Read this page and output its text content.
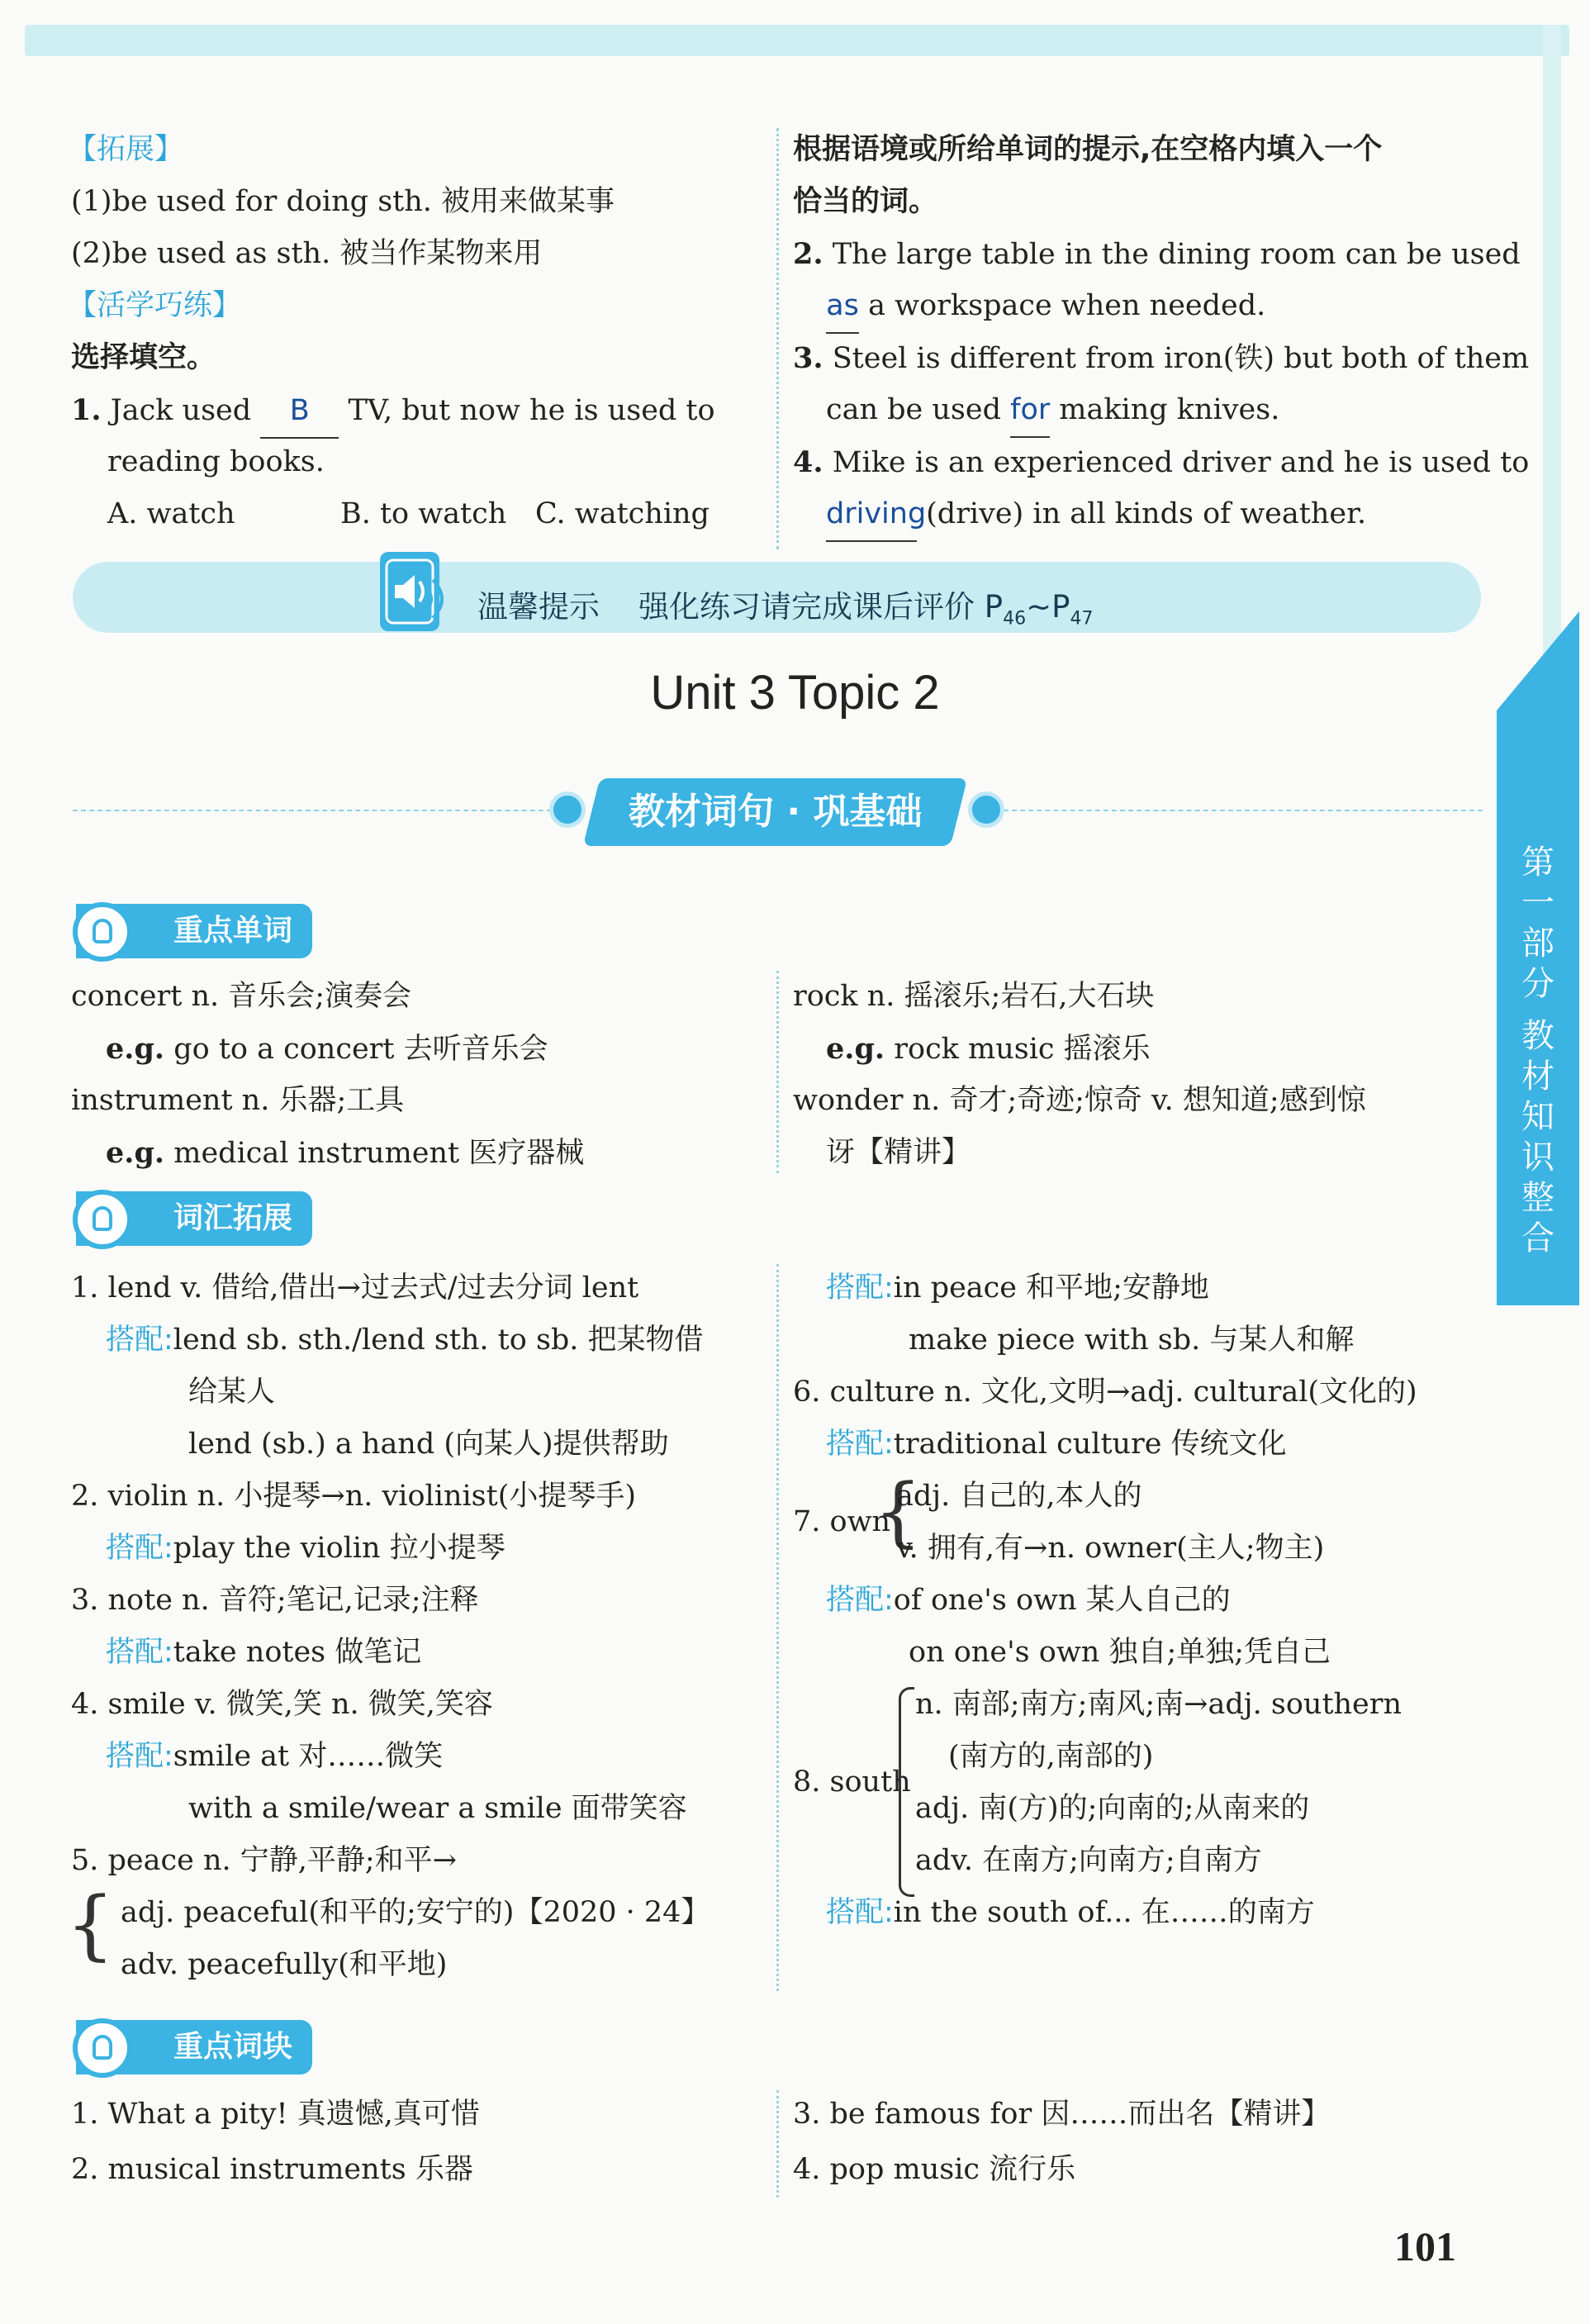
【拓展】
(1)be used for doing sth. 被用来做某事
(2)be used as sth. 被当作某物来用
【活学巧练】
选择填空。
1. Jack used B TV, but now he is used to
reading books.
A. watch	B. to watch C. watching
根据语境或所给单词的提示,在空格内填入一个
恰当的词。
2. The large table in the dining room can be used
as a workspace when needed.
3. Steel is different from iron(铁) but both of them
can be used for making knives.
4. Mike is an experienced driver and he is used to
driving (drive) in all kinds of weather.
温馨提示 强化练习请完成课后评价 $P_{46}\sim P_{47}$
Unit 3 Topic 2
教材词句 · 巩基础
第
一
部
分
教
材
知
识
整
合
重点单词
concert n. 音乐会;演奏会
e.g. go to a concert 去听音乐会
instrument n. 乐器;工具
e.g. medical instrument 医疗器械
rock n. 摇滚乐;岩石,大石块
e.g. rock music 摇滚乐
wonder n. 奇才;奇迹;惊奇 v. 想知道;感到惊
讶【精讲】
词汇拓展
1. lend v. 借给,借出→过去式/过去分词 lent
搭配:lend sb. sth./lend sth. to sb. 把某物借
给某人
lend (sb.) a hand (向某人)提供帮助
2. violin n. 小提琴→n. violinist(小提琴手)
搭配:play the violin 拉小提琴
3. note n. 音符;笔记,记录;注释
搭配:take notes 做笔记
4. smile v. 微笑,笑 n. 微笑,笑容
搭配:smile at 对……微笑
with a smile/wear a smile 面带笑容
5. peace n. 宁静,平静;和平→
{ adj. peaceful(和平的;安宁的)【2020 · 24】
adv. peacefully(和平地)
搭配:in peace 和平地;安静地
make piece with sb. 与某人和解
6. culture n. 文化,文明→adj. cultural(文化的)
搭配:traditional culture 传统文化
7. own
{
adj. 自己的,本人的
v. 拥有,有→n. owner(主人;物主)
搭配:of one's own 某人自己的
on one's own 独自;单独;凭自己
8. south
n. 南部;南方;南风;南→adj. southern
(南方的,南部的)
adj. 南(方)的;向南的;从南来的
adv. 在南方;向南方;自南方
搭配:in the south of... 在……的南方
重点词块
1. What a pity! 真遗憾,真可惜
2. musical instruments 乐器
3. be famous for 因……而出名【精讲】
4. pop music 流行乐
101
